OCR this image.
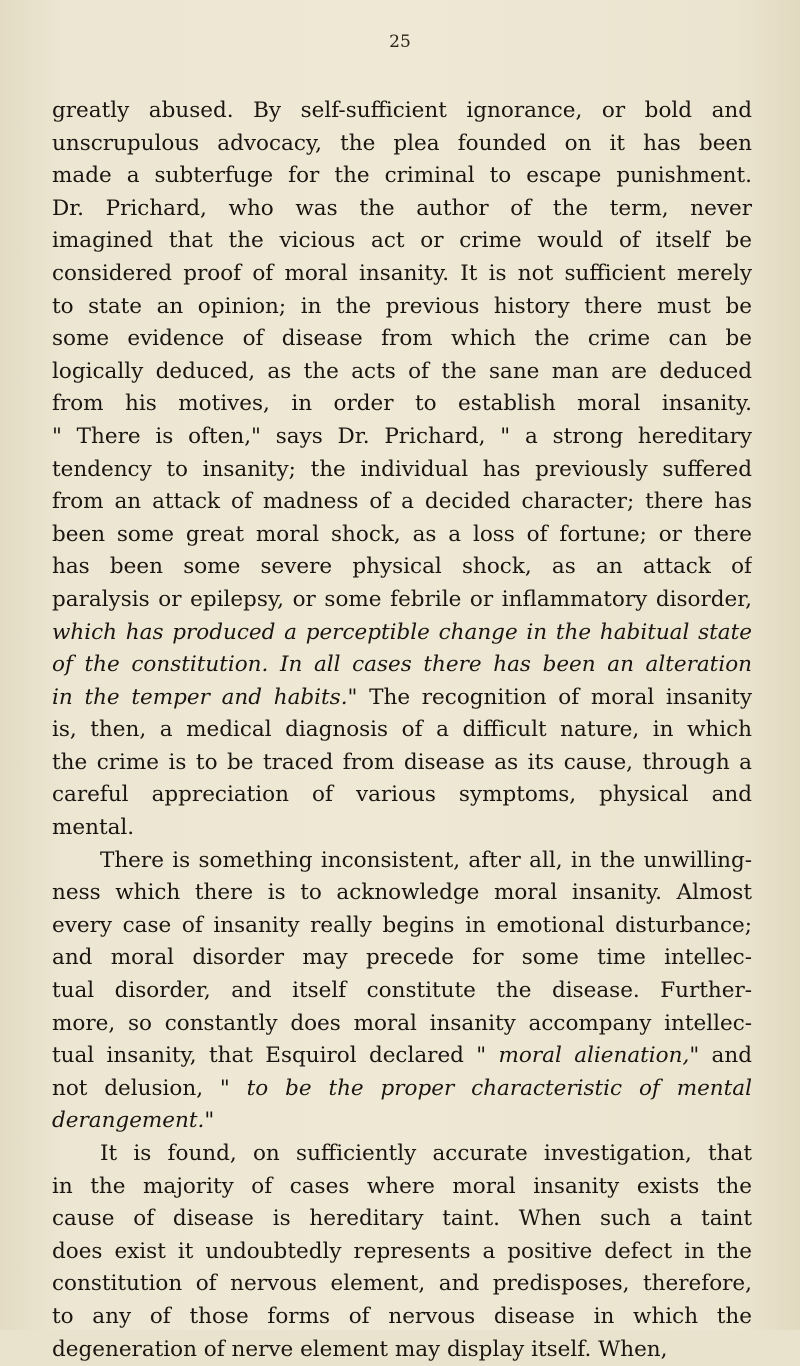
25
greatly abused. By self-sufficient ignorance, or bold and
unscrupulous advocacy, the plea founded on it has been
made a subterfuge for the criminal to escape punishment.
Dr. Prichard, who was the author of the term, never
imagined that the vicious act or crime would of itself be
considered proof of moral insanity. It is not sufficient merely
to state an opinion; in the previous history there must be
some evidence of disease from which the crime can be
logically deduced, as the acts of the sane man are deduced
from his motives, in order to establish moral insanity.
" There is often," says Dr. Prichard, " a strong hereditary
tendency to insanity; the individual has previously suffered
from an attack of madness of a decided character; there has
been some great moral shock, as a loss of fortune; or there
has been some severe physical shock, as an attack of
paralysis or epilepsy, or some febrile or inflammatory disorder,
which has produced a perceptible change in the habitual state
of the constitution. In all cases there has been an alteration
in the temper and habits." The recognition of moral insanity
is, then, a medical diagnosis of a difficult nature, in which
the crime is to be traced from disease as its cause, through a
careful appreciation of various symptoms, physical and
mental.
There is something inconsistent, after all, in the unwilling-
ness which there is to acknowledge moral insanity. Almost
every case of insanity really begins in emotional disturbance;
and moral disorder may precede for some time intellec-
tual disorder, and itself constitute the disease. Further-
more, so constantly does moral insanity accompany intellec-
tual insanity, that Esquirol declared " moral alienation," and
not delusion, " to be the proper characteristic of mental
derangement."
It is found, on sufficiently accurate investigation, that
in the majority of cases where moral insanity exists the
cause of disease is hereditary taint. When such a taint
does exist it undoubtedly represents a positive defect in the
constitution of nervous element, and predisposes, therefore,
to any of those forms of nervous disease in which the
degeneration of nerve element may display itself. When,
